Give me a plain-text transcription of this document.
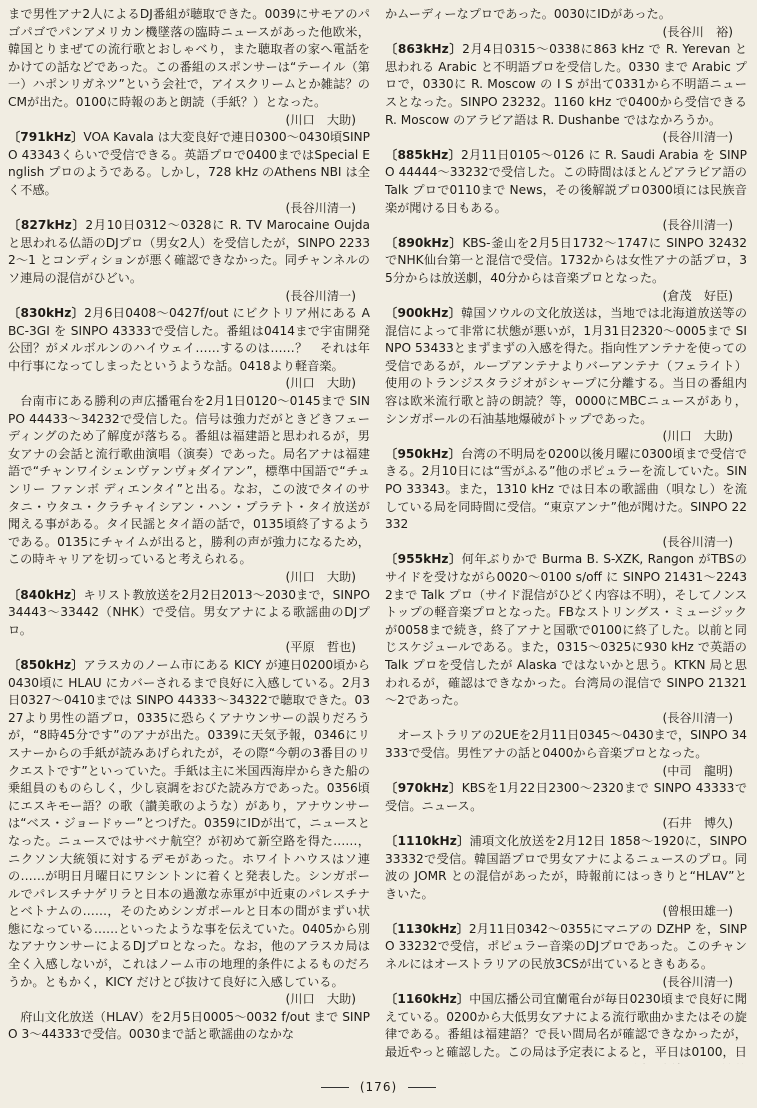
まで男性アナ2人によるDJ番組が聴取できた。0039にサモアのパゴパゴでパンアメリカン機墜落の臨時ニュースがあった他欧米，韓国とりまぜての流行歌とおしゃべり，また聴取者の家へ電話をかけての話などであった。この番組のスポンサーは“テーイル（第一）ハポンリガネツ”という会社で，アイスクリームとか雑誌？のCMが出た。0100に時報のあと朗読（手紙？）となった。

( 川口　大助 )

〔 791kHz 〕 VOA Kavala は大変良好で連日0300～0430頃SINPO 43343くらいで受信できる。英語プロで0400まではSpecial English プロのようである。しかし，728 kHz のAthens NBI は全く不感。

( 長谷川清一 )

〔 827kHz 〕 2月10日0312～0328に R. TV Marocaine Oujda と思われる仏語のDJプロ（男女2人）を受信したが，SINPO 22332～1 とコンディションが悪く確認できなかった。同チャンネルのソ連局の混信がひどい。

( 長谷川清一 )

〔 830kHz 〕 2月6日0408～0427f/out にビクトリア州にある ABC-3GI を SINPO 43333で受信した。番組は0414まで宇宙開発公団？がメルボルンのハイウェイ……するのは……？　それは年中行事になってしまったというような話。0418より軽音楽。

( 川口　大助 )

台南市にある勝利の声広播電台を2月1日0120～0145まで SINPO 44433～34232で受信した。信号は強力だがときどきフェーディングのため了解度が落ちる。番組は福建語と思われるが，男女アナの会話と流行歌曲演唱（演奏）であった。局名アナは福建語で“チャンワイシェンヴァンヴォダイアン”，標準中国語で“チュンリー ファンボ ディエンタイ”と出る。なお，この波でタイのサタニ・ウタユ・クラチャイシアン・ハン・プラテト・タイ放送が聞える事がある。タイ民謡とタイ語の話で，0135頃終了するようである。0135にチャイムが出ると，勝利の声が強力になるため，この時キャリアを切っていると考えられる。

( 川口　大助 )

〔 840kHz 〕 キリスト教放送を2月2日2013～2030まで，SINPO 34443～33442（NHK）で受信。男女アナによる歌謡曲のDJプロ。

( 平原　哲也 )

〔 850kHz 〕 アラスカのノーム市にある KICY が連日0200頃から0430頃に HLAU にカバーされるまで良好に入感している。2月3日0327～0410までは SINPO 44333～34322で聴取できた。0327より男性の語プロ，0335に恐らくアナウンサーの誤りだろうが，“8時45分です”のアナが出た。0339に天気予報，0346にリスナーからの手紙が読みあげられたが，その際“今朝の3番目のリクエストです”といっていた。手紙は主に米国西海岸からきた船の乗組員のものらしく，少し哀調をおびた読み方であった。0356頃にエスキモー語？の歌（讃美歌のような）があり，アナウンサーは“ベス・ジョードゥー”とつげた。0359にIDが出て，ニュースとなった。ニュースではサベナ航空？が初めて新空路を得た……，ニクソン大統領に対するデモがあった。ホワイトハウスはソ連の……が明日月曜日にワシントンに着くと発表した。シンガポールでパレスチナゲリラと日本の過激な赤軍が中近東のパレスチナとベトナムの……，そのためシンガポールと日本の間がまずい状態になっている……といったような事を伝えていた。0405から別なアナウンサーによるDJプロとなった。なお，他のアラスカ局は全く入感しないが，これはノーム市の地理的条件によるものだろうか。ともかく，KICY だけとび抜けて良好に入感している。

( 川口　大助 )

府山文化放送（HLAV）を2月5日0005～0032 f/out まで SINPO 3～44333で受信。0030まで話と歌謡曲のなかな

かムーディーなプロであった。0030にIDがあった。

( 長谷川　裕 )

〔 863kHz 〕 2月4日0315～0338に863 kHz で R. Yerevan と思われる Arabic と不明語プロを受信した。0330 まで Arabic プロで，0330に R. Moscow の I S が出て0331から不明語ニュースとなった。SINPO 23232。1160 kHz で0400から受信できる R. Moscow のアラビア語は R. Dushanbe ではなかろうか。

( 長谷川清一 )

〔 885kHz 〕 2月11日0105～0126 に R. Saudi Arabia を SINPO 44444～33232で受信した。この時間はほとんどアラビア語の Talk プロで0110まで News，その後解説プロ0300頃には民族音楽が聞ける日もある。

( 長谷川清一 )

〔 890kHz 〕 KBS-釜山を2月5日1732～1747に SINPO 32432でNHK仙台第一と混信で受信。1732からは女性アナの話プロ，35分からは放送劇，40分からは音楽プロとなった。

( 倉茂　好臣 )

〔 900kHz 〕 韓国ソウルの文化放送は，当地では北海道放送等の混信によって非常に状態が悪いが，1月31日2320～0005まで SINPO 53433とまずまずの入感を得た。指向性アンテナを使っての受信であるが，ループアンテナよりバーアンテナ（フェライト）使用のトランジスタラジオがシャープに分離する。当日の番組内容は欧米流行歌と詩の朗読？等，0000にMBCニュースがあり，シンガポールの石油基地爆破がトップであった。

( 川口　大助 )

〔 950kHz 〕 台湾の不明局を0200以後月曜に0300頃まで受信できる。2月10日には“雪がふる”他のポピュラーを流していた。SINPO 33343。また，1310 kHz では日本の歌謡曲（唄なし）を流している局を同時間に受信。“東京アンナ”他が聞けた。SINPO 22332

( 長谷川清一 )

〔 955kHz 〕 何年ぶりかで Burma B. S-XZK, Rangon がTBSのサイドを受けながら0020～0100 s/off に SINPO 21431～22432まで Talk プロ（サイド混信がひどく内容は不明），そしてノンストップの軽音楽プロとなった。FBなストリングス・ミュージックが0058まで続き，終了アナと国歌で0100に終了した。以前と同じスケジュールである。また，0315～0325に930 kHz で英語の Talk プロを受信したが Alaska ではないかと思う。KTKN 局と思われるが，確認はできなかった。台湾局の混信で SINPO 21321～2であった。

( 長谷川清一 )

オーストラリアの2UEを2月11日0345～0430まで，SINPO 34333で受信。男性アナの話と0400から音楽プロとなった。

( 中司　龍明 )

〔 970kHz 〕 KBSを1月22日2300～2320まで SINPO 43333で受信。ニュース。

( 石井　博久 )

〔 1110kHz 〕 浦項文化放送を2月12日 1858～1920に，SINPO 33332で受信。韓国語プロで男女アナによるニュースのプロ。同波の JOMR との混信があったが，時報前にはっきりと“HLAV”ときいた。

( 曾根田雄一 )

〔 1130kHz 〕 2月11日0342～0355にマニアの DZHP を，SINPO 33232で受信，ポピュラー音楽のDJプロであった。このチャンネルにはオーストラリアの民放3CSが出ているときもある。

( 長谷川清一 )

〔 1160kHz 〕 中国広播公司宜蘭電台が毎日0230頃まで良好に聞えている。0200から大低男女アナによる流行歌曲かまたはその旋律である。番組は福建語？で長い間局名が確認できなかったが，最近やっと確認した。この局は予定表によると，平日は0100，日

(176)
